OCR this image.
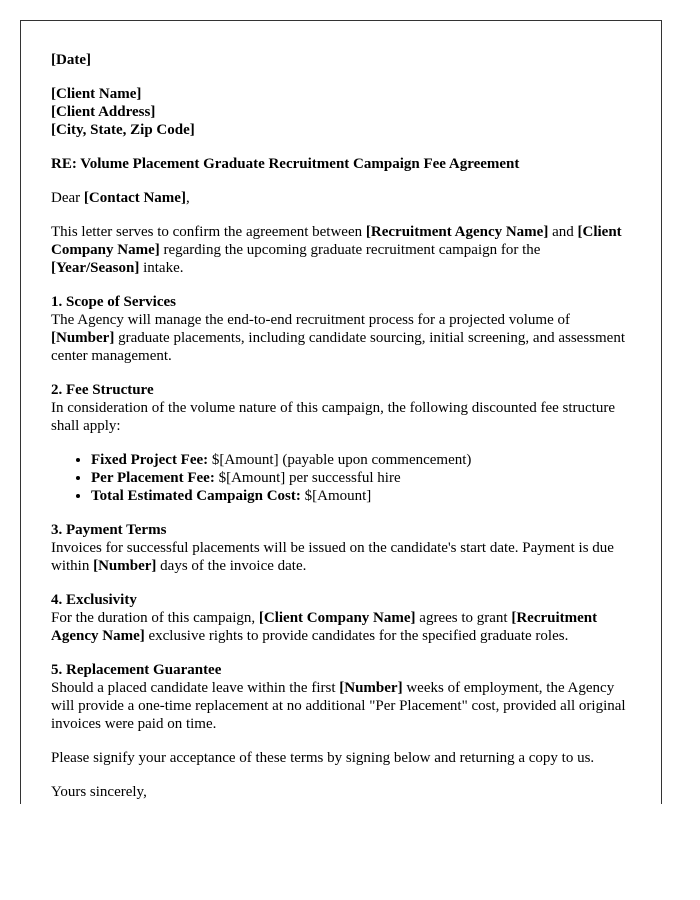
[Date]

[Client Name]
[Client Address]
[City, State, Zip Code]

RE: Volume Placement Graduate Recruitment Campaign Fee Agreement

Dear [Contact Name],

This letter serves to confirm the agreement between [Recruitment Agency Name] and [Client Company Name] regarding the upcoming graduate recruitment campaign for the [Year/Season] intake.

1. Scope of Services

The Agency will manage the end-to-end recruitment process for a projected volume of [Number] graduate placements, including candidate sourcing, initial screening, and assessment center management.

2. Fee Structure

In consideration of the volume nature of this campaign, the following discounted fee structure shall apply:

• Fixed Project Fee: $[Amount] (payable upon commencement)
• Per Placement Fee: $[Amount] per successful hire
• Total Estimated Campaign Cost: $[Amount]
3. Payment Terms

Invoices for successful placements will be issued on the candidate's start date. Payment is due within [Number] days of the invoice date.

4. Exclusivity

For the duration of this campaign, [Client Company Name] agrees to grant [Recruitment Agency Name] exclusive rights to provide candidates for the specified graduate roles.

5. Replacement Guarantee

Should a placed candidate leave within the first [Number] weeks of employment, the Agency will provide a one-time replacement at no additional "Per Placement" cost, provided all original invoices were paid on time.

Please signify your acceptance of these terms by signing below and returning a copy to us.

Yours sincerely,
